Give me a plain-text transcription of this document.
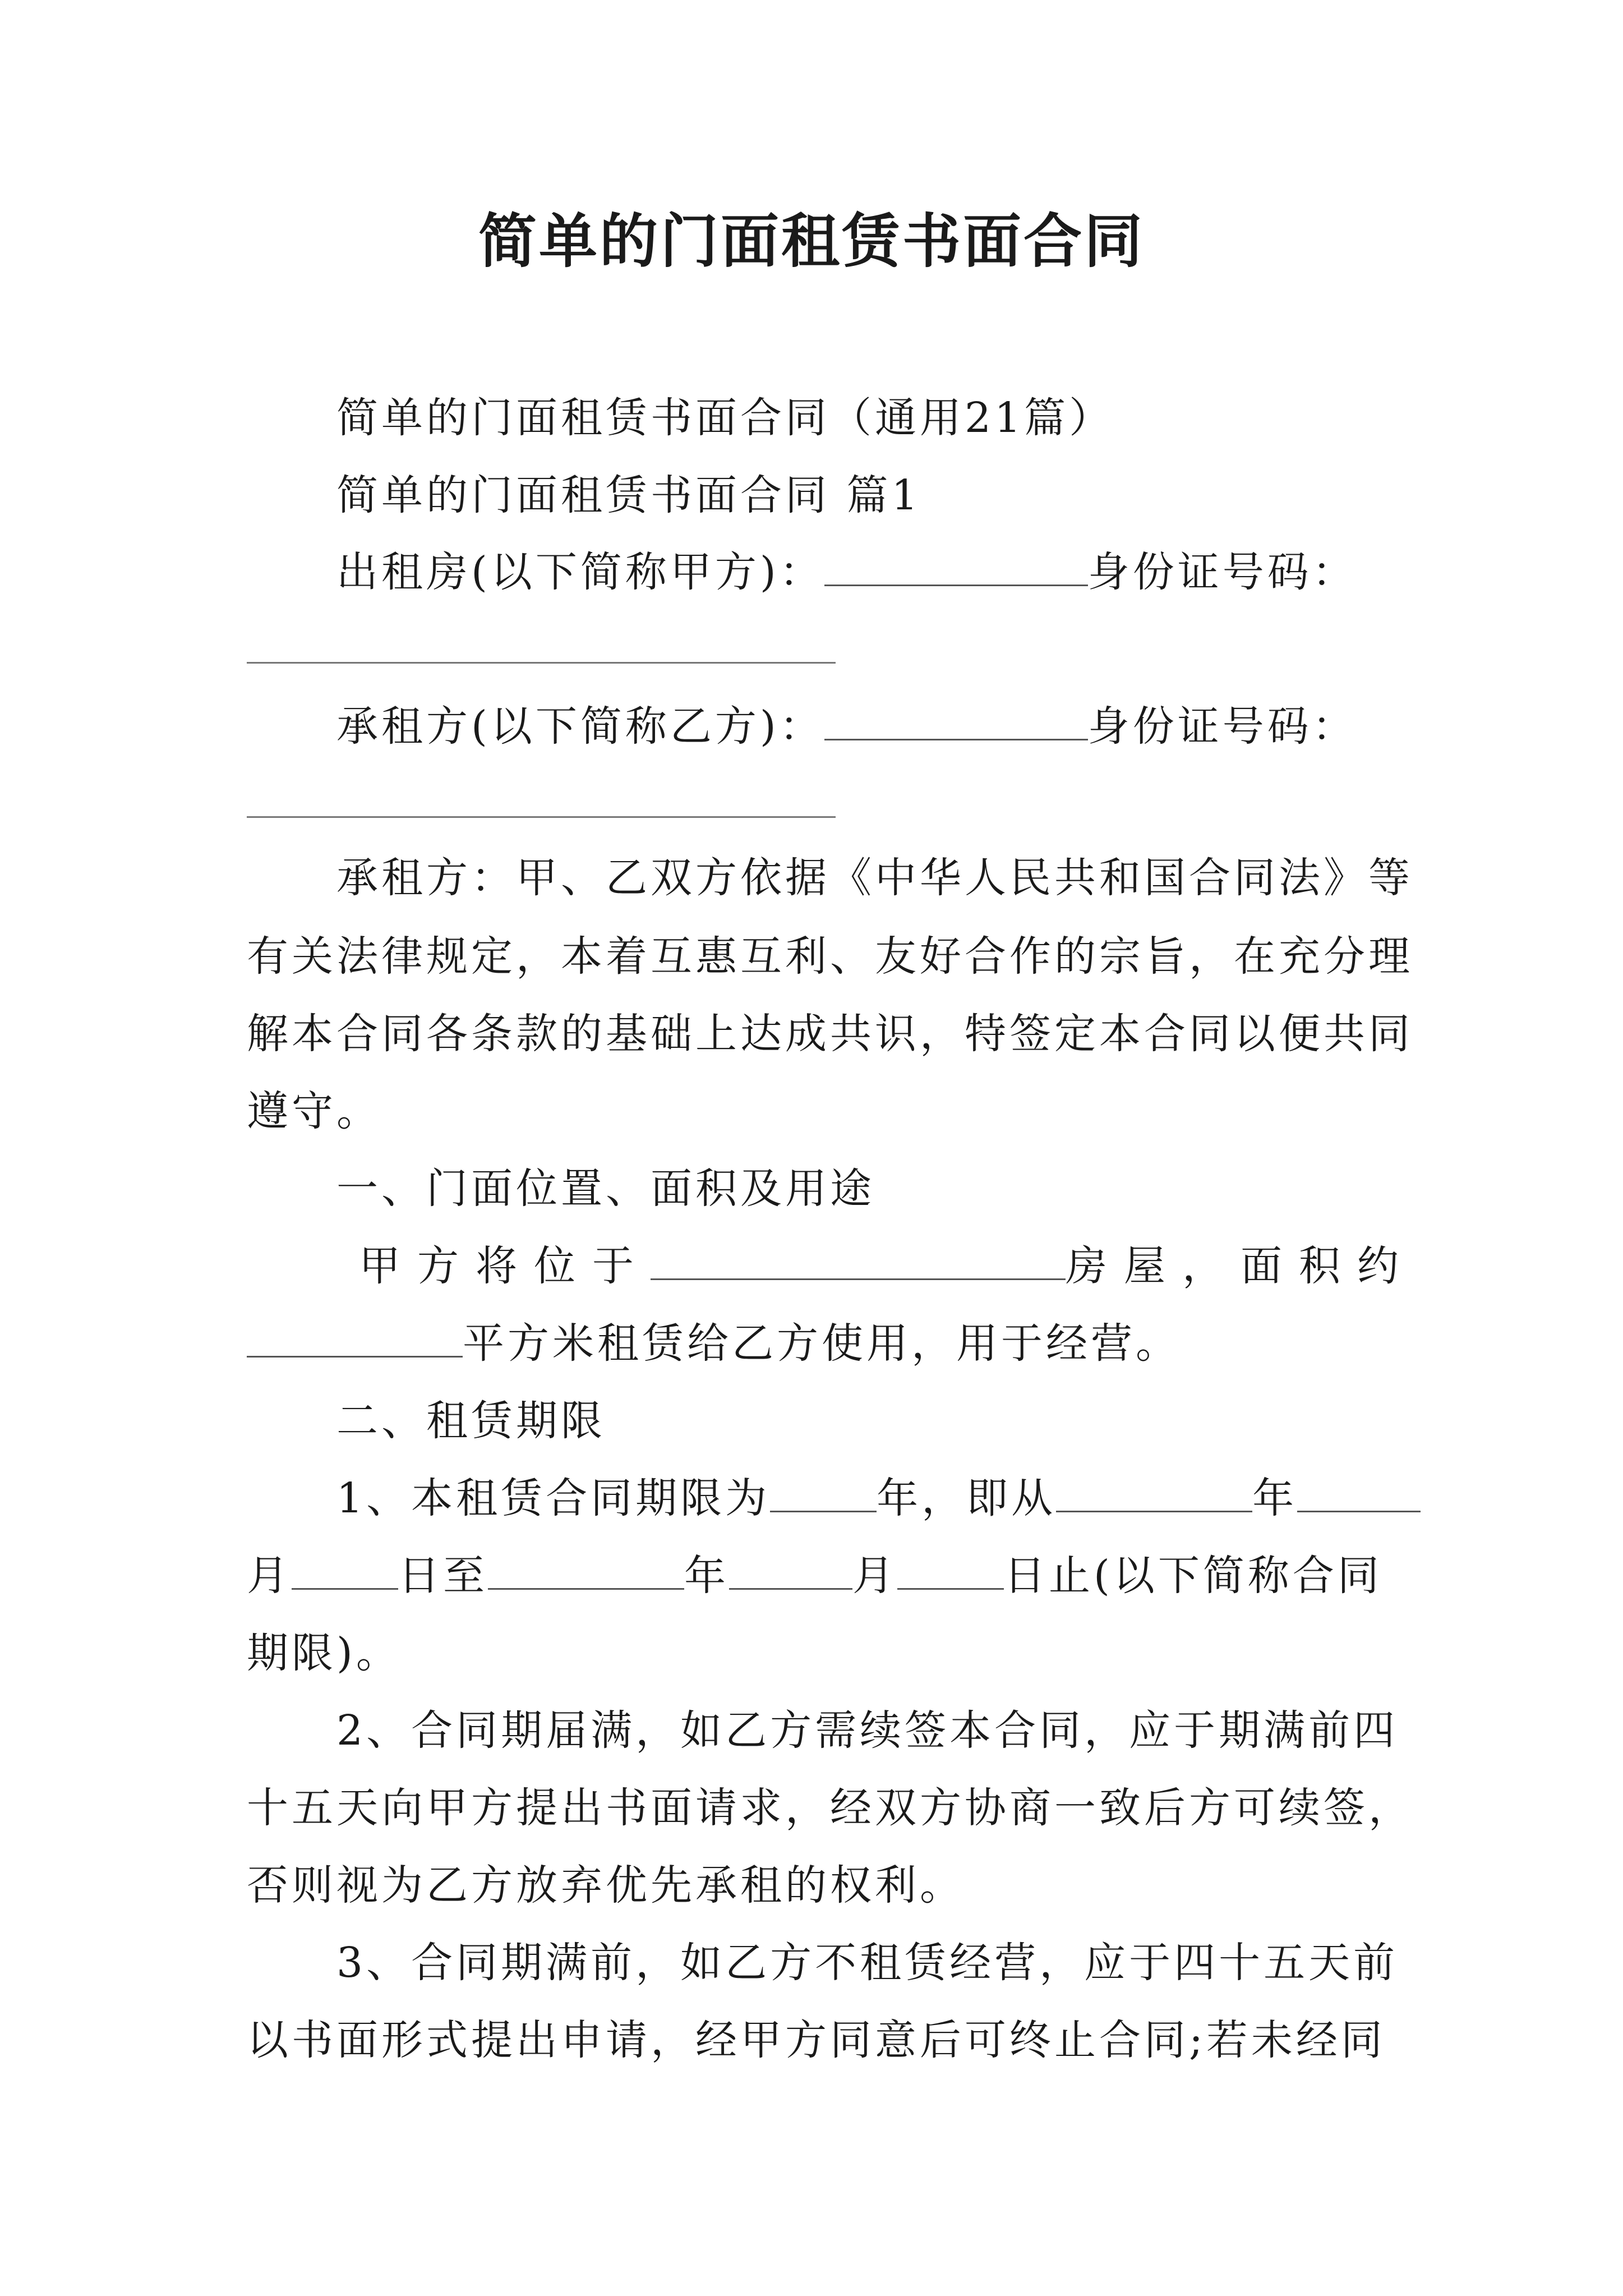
简单的门面租赁书面合同
简单的门面租赁书面合同（通用21篇）
简单的门面租赁书面合同 篇1
出租房(以下简称甲方)：	身份证号码：
承租方(以下简称乙方)：	身份证号码：
承租方：甲、乙双方依据《中华人民共和国合同法》等
有关法律规定，本着互惠互利、友好合作的宗旨，在充分理
解本合同各条款的基础上达成共识，特签定本合同以便共同
遵守。
一、门面位置、面积及用途
甲方将位于	房屋，面积约
平方米租赁给乙方使用，用于经营。
二、租赁期限
1、本租赁合同期限为	年，即从	年
月	日至	年	月	日止(以下简称合同
期限)。
2、合同期届满，如乙方需续签本合同，应于期满前四
十五天向甲方提出书面请求，经双方协商一致后方可续签，
否则视为乙方放弃优先承租的权利。
3、合同期满前，如乙方不租赁经营，应于四十五天前
以书面形式提出申请，经甲方同意后可终止合同;若未经同
